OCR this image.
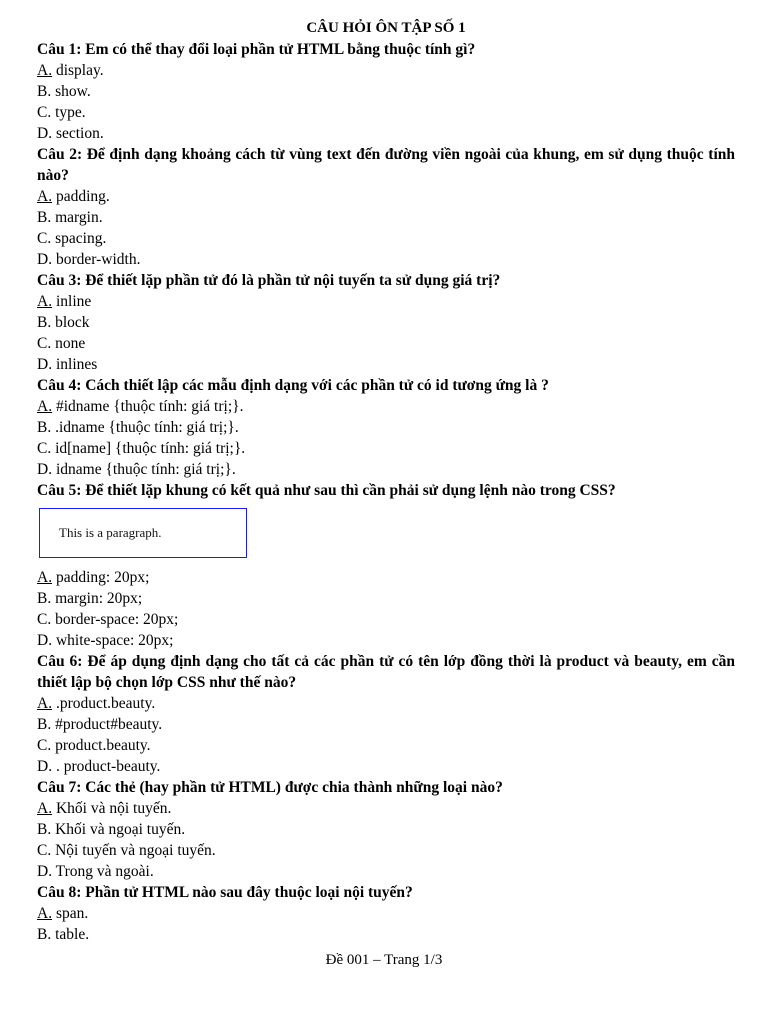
CÂU HỎI ÔN TẬP SỐ 1
Câu 1: Em có thể thay đổi loại phần tử HTML bằng thuộc tính gì?
A. display.
B. show.
C. type.
D. section.
Câu 2: Để định dạng khoảng cách từ vùng text đến đường viền ngoài của khung, em sử dụng thuộc tính nào?
A. padding.
B. margin.
C. spacing.
D. border-width.
Câu 3: Để thiết lặp phần tử đó là phần tử nội tuyến ta sử dụng giá trị?
A. inline
B. block
C. none
D. inlines
Câu 4: Cách thiết lập các mẫu định dạng với các phần tử có id tương ứng là ?
A. #idname {thuộc tính: giá trị;}.
B. .idname {thuộc tính: giá trị;}.
C. id[name] {thuộc tính: giá trị;}.
D. idname {thuộc tính: giá trị;}.
Câu 5: Để thiết lặp khung có kết quả như sau thì cần phải sử dụng lệnh nào trong CSS?
This is a paragraph.
A. padding: 20px;
B. margin: 20px;
C. border-space: 20px;
D. white-space: 20px;
Câu 6: Để áp dụng định dạng cho tất cả các phần tử có tên lớp đồng thời là product và beauty, em cần thiết lập bộ chọn lớp CSS như thế nào?
A. .product.beauty.
B. #product#beauty.
C. product.beauty.
D. . product-beauty.
Câu 7: Các thẻ (hay phần tử HTML) được chia thành những loại nào?
A. Khối và nội tuyến.
B. Khối và ngoại tuyến.
C. Nội tuyến và ngoại tuyến.
D. Trong và ngoài.
Câu 8: Phần tử HTML nào sau đây thuộc loại nội tuyến?
A. span.
B. table.
Đề 001 – Trang 1/3
